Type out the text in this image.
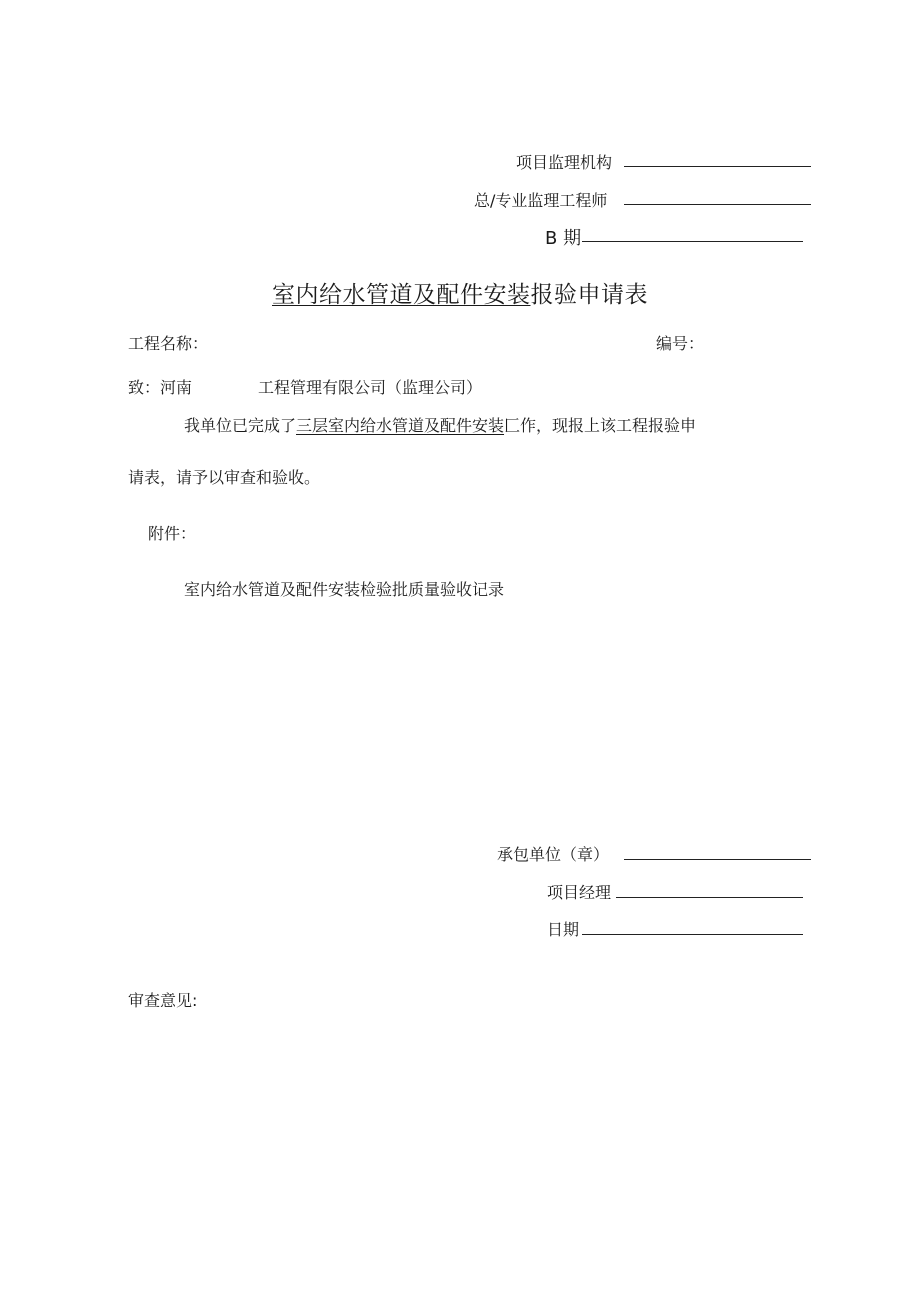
项目监理机构
总/专业监理工程师
B 期
室内给水管道及配件安装报验申请表
工程名称：	编号：
致：河南	工程管理有限公司（监理公司）
我单位已完成了三层室内给水管道及配件安装匚作，现报上该工程报验申
请表，请予以审查和验收。
附件：
室内给水管道及配件安装检验批质量验收记录
承包单位（章）
项目经理
日期
审查意见:
